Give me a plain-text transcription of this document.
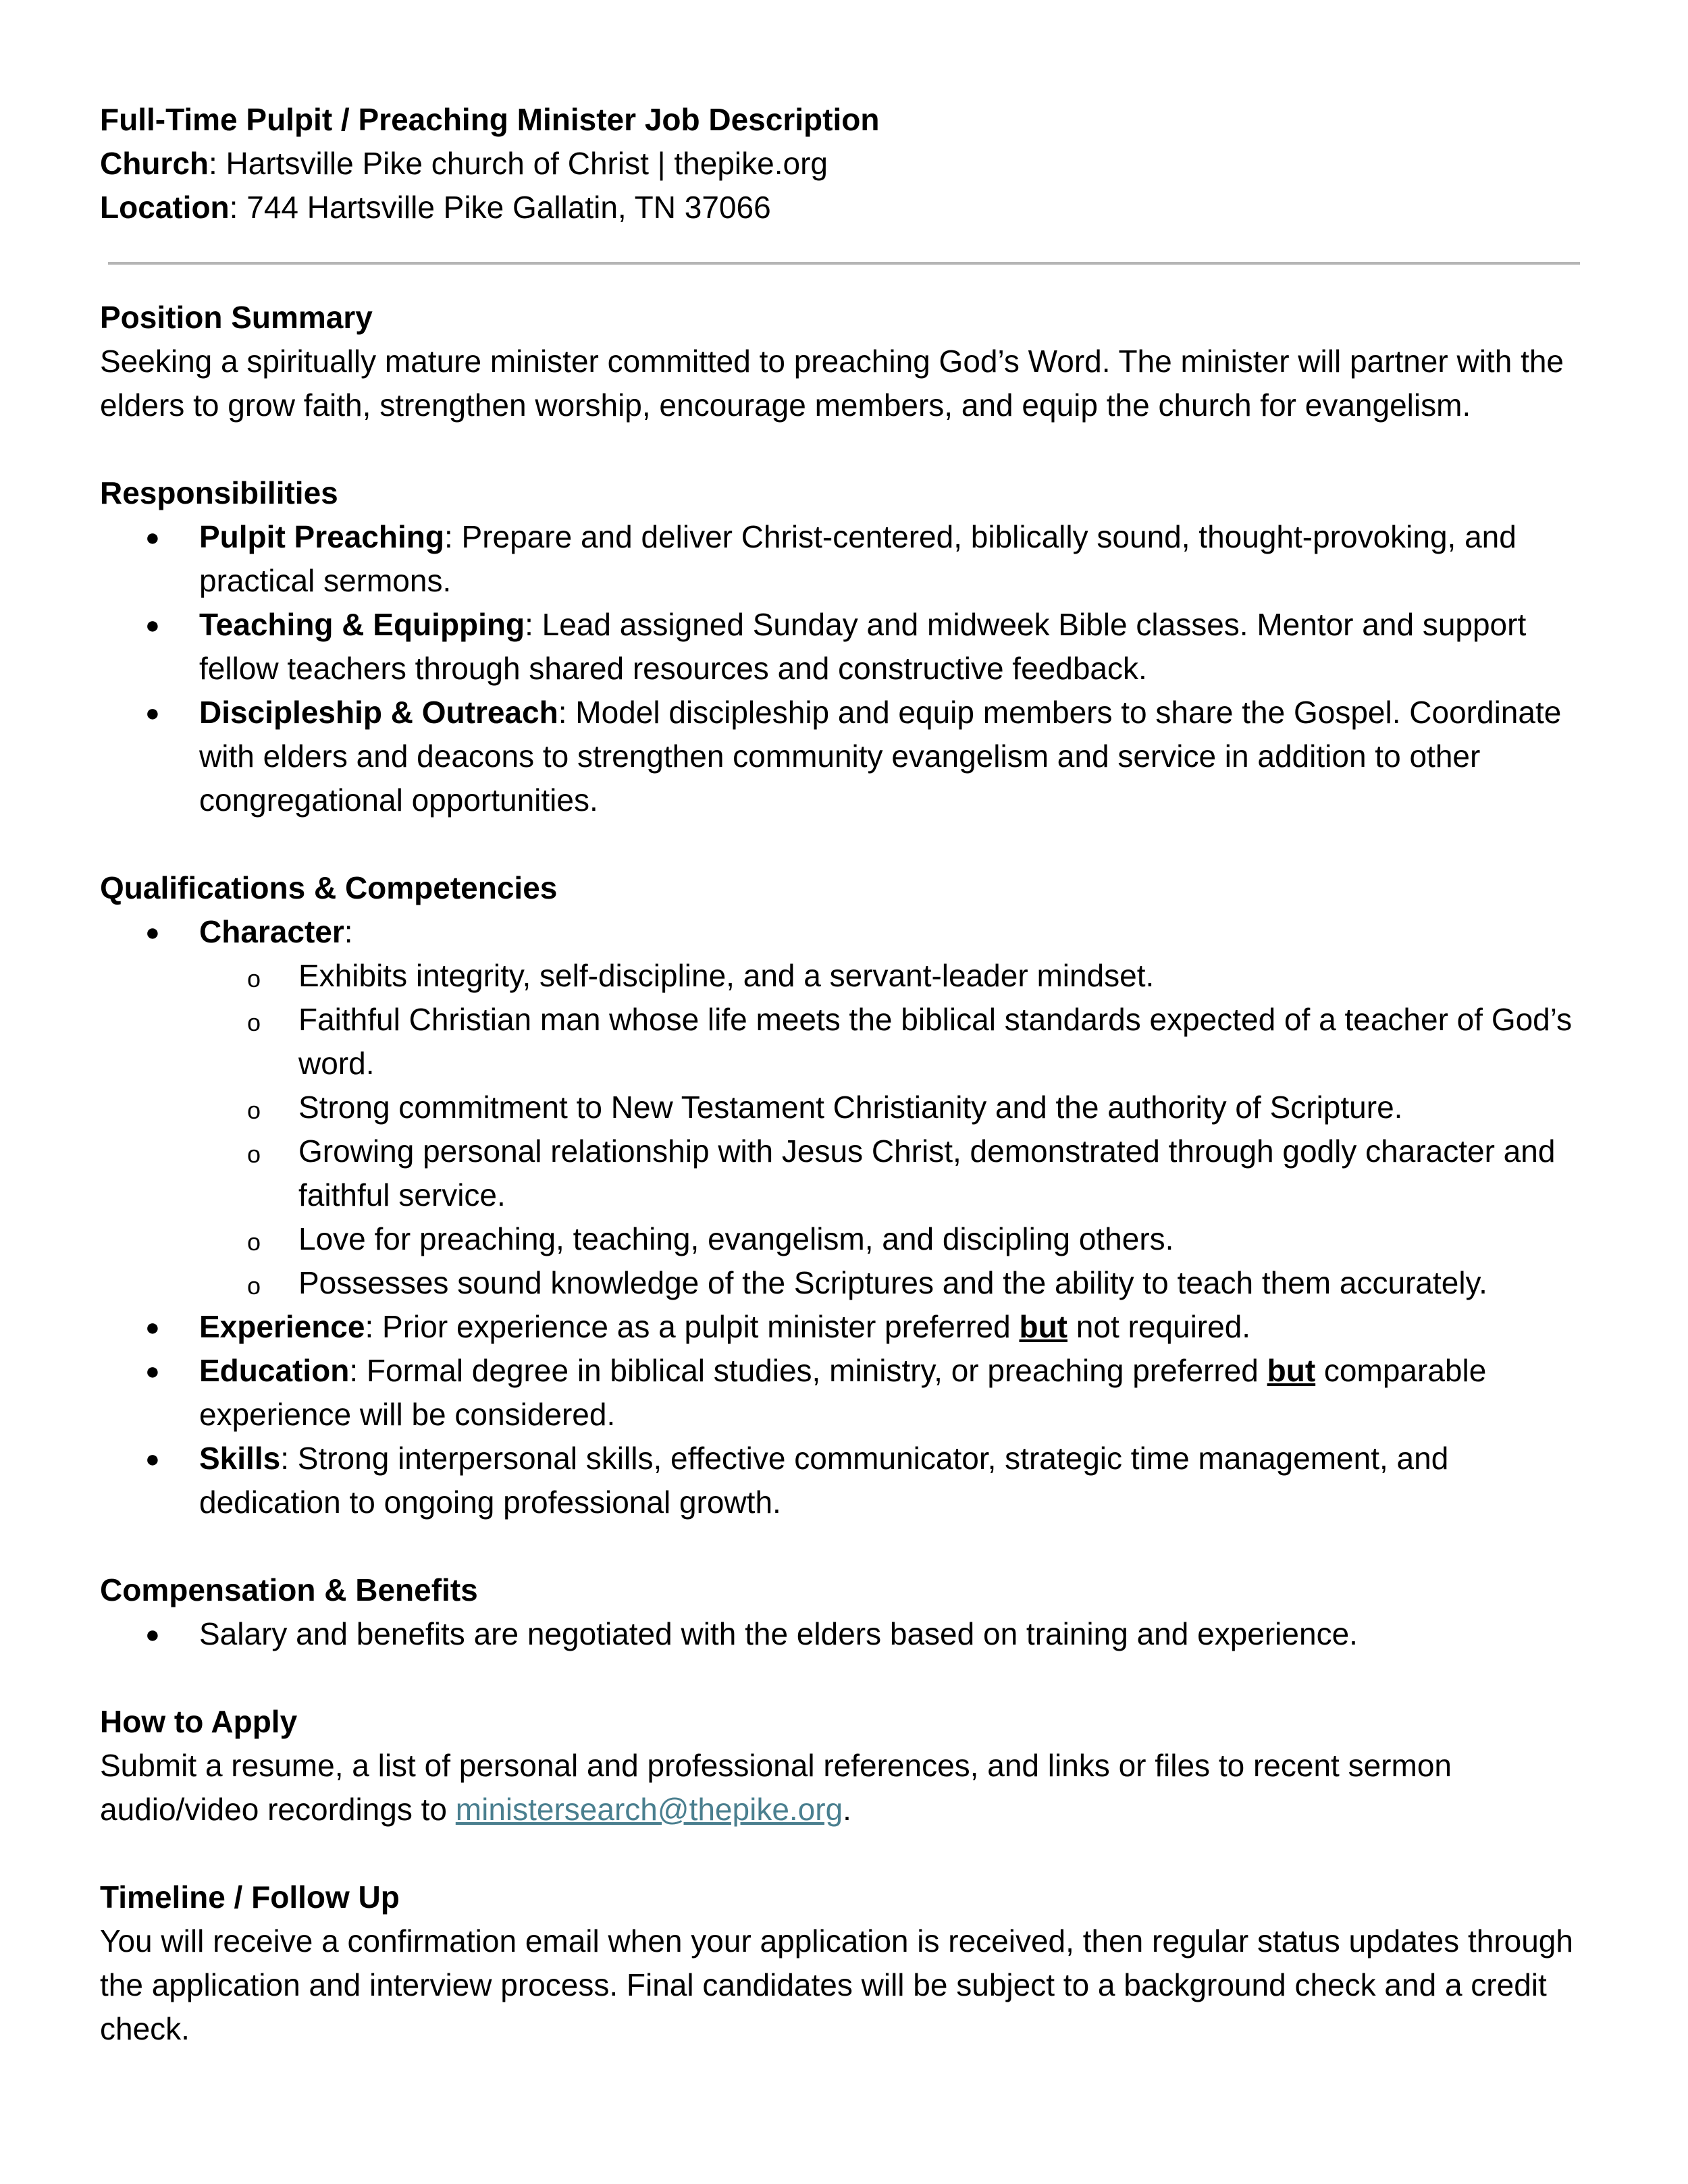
Full-Time Pulpit / Preaching Minister Job Description

Church: Hartsville Pike church of Christ | thepike.org

Location: 744 Hartsville Pike Gallatin, TN 37066

Position Summary

Seeking a spiritually mature minister committed to preaching God’s Word. The minister will partner with the elders to grow faith, strengthen worship, encourage members, and equip the church for evangelism.

Responsibilities

● Pulpit Preaching: Prepare and deliver Christ-centered, biblically sound, thought-provoking, and practical sermons.
● Teaching & Equipping: Lead assigned Sunday and midweek Bible classes. Mentor and support fellow teachers through shared resources and constructive feedback.
● Discipleship & Outreach: Model discipleship and equip members to share the Gospel. Coordinate with elders and deacons to strengthen community evangelism and service in addition to other congregational opportunities.

Qualifications & Competencies

● Character:
o Exhibits integrity, self-discipline, and a servant-leader mindset.
o Faithful Christian man whose life meets the biblical standards expected of a teacher of God’s word.
o Strong commitment to New Testament Christianity and the authority of Scripture.
o Growing personal relationship with Jesus Christ, demonstrated through godly character and faithful service.
o Love for preaching, teaching, evangelism, and discipling others.
o Possesses sound knowledge of the Scriptures and the ability to teach them accurately.
● Experience: Prior experience as a pulpit minister preferred but not required.
● Education: Formal degree in biblical studies, ministry, or preaching preferred but comparable experience will be considered.
● Skills: Strong interpersonal skills, effective communicator, strategic time management, and dedication to ongoing professional growth.

Compensation & Benefits

● Salary and benefits are negotiated with the elders based on training and experience.

How to Apply

Submit a resume, a list of personal and professional references, and links or files to recent sermon audio/video recordings to ministersearch@thepike.org.

Timeline / Follow Up

You will receive a confirmation email when your application is received, then regular status updates through the application and interview process. Final candidates will be subject to a background check and a credit check.
